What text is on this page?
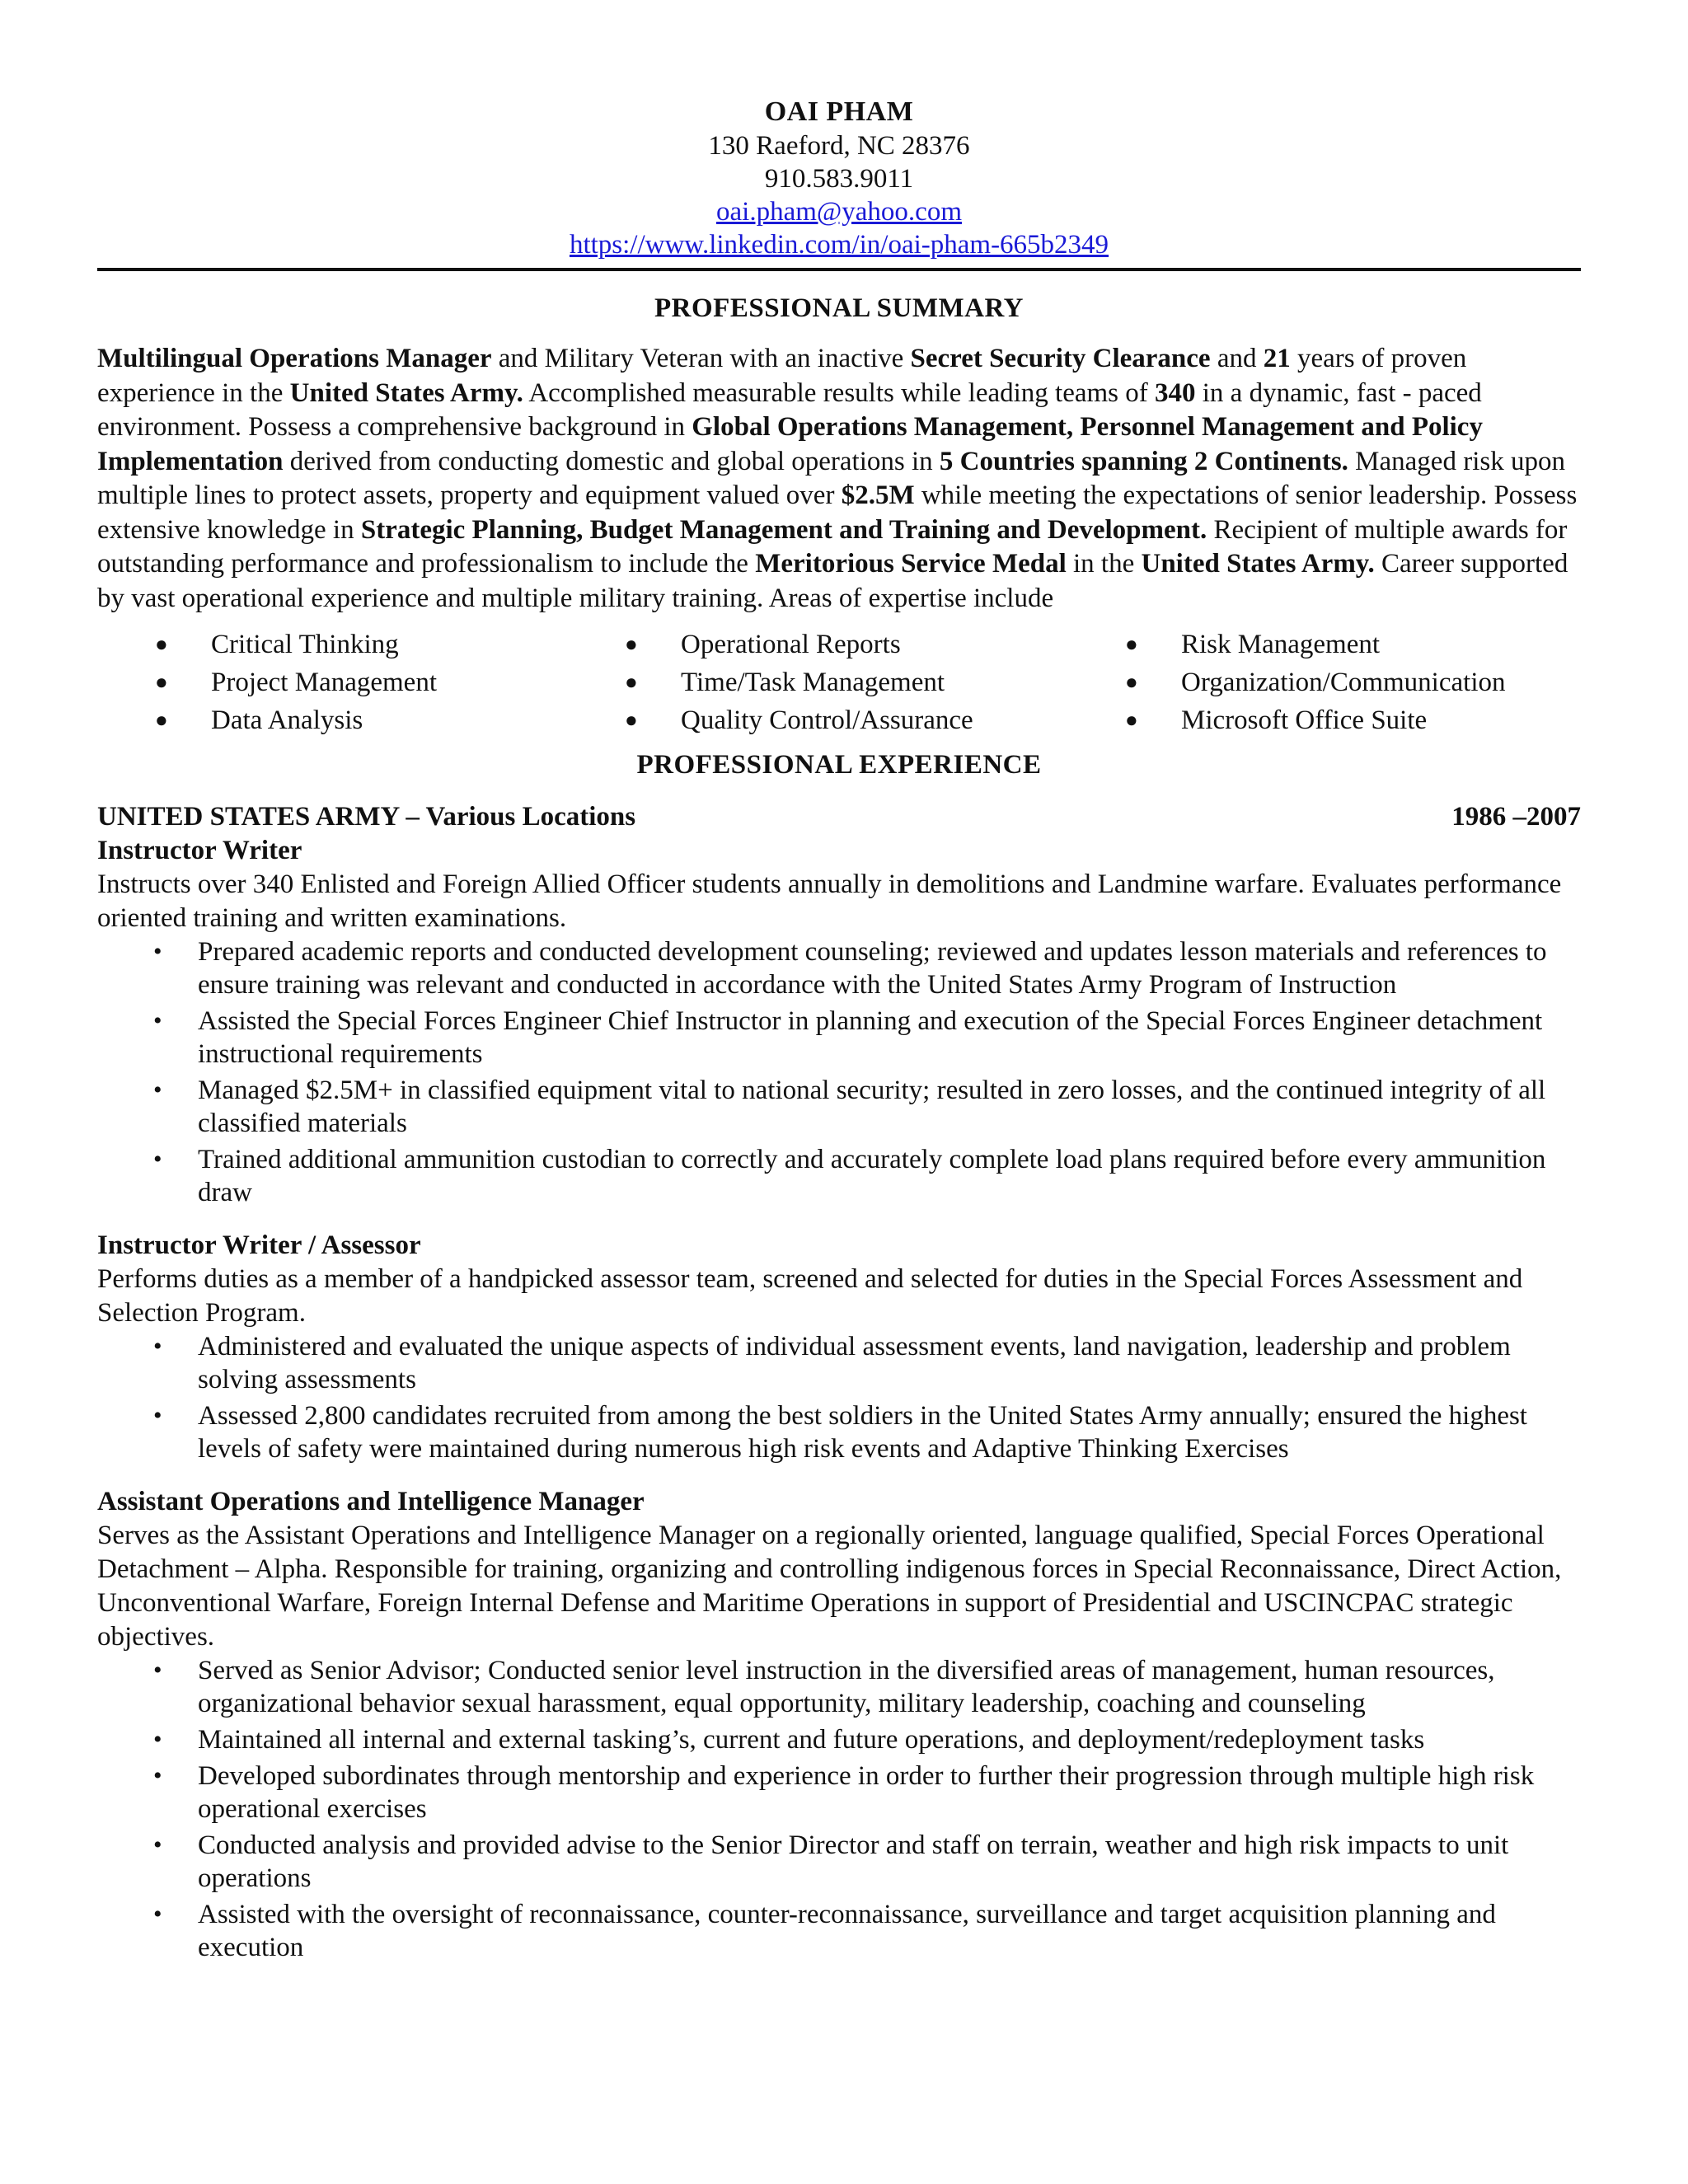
OAI PHAM
130 Raeford, NC 28376
910.583.9011
oai.pham@yahoo.com
https://www.linkedin.com/in/oai-pham-665b2349
PROFESSIONAL SUMMARY
Multilingual Operations Manager and Military Veteran with an inactive Secret Security Clearance and 21 years of proven experience in the United States Army. Accomplished measurable results while leading teams of 340 in a dynamic, fast - paced environment. Possess a comprehensive background in Global Operations Management, Personnel Management and Policy Implementation derived from conducting domestic and global operations in 5 Countries spanning 2 Continents. Managed risk upon multiple lines to protect assets, property and equipment valued over $2.5M while meeting the expectations of senior leadership. Possess extensive knowledge in Strategic Planning, Budget Management and Training and Development. Recipient of multiple awards for outstanding performance and professionalism to include the Meritorious Service Medal in the United States Army. Career supported by vast operational experience and multiple military training. Areas of expertise include
●	Critical Thinking	●	Operational Reports	●	Risk Management
●	Project Management	●	Time/Task Management	●	Organization/Communication
●	Data Analysis	●	Quality Control/Assurance	●	Microsoft Office Suite
PROFESSIONAL EXPERIENCE
UNITED STATES ARMY – Various Locations	1986 –2007
Instructor Writer
Instructs over 340 Enlisted and Foreign Allied Officer students annually in demolitions and Landmine warfare. Evaluates performance oriented training and written examinations.
• Prepared academic reports and conducted development counseling; reviewed and updates lesson materials and references to ensure training was relevant and conducted in accordance with the United States Army Program of Instruction
• Assisted the Special Forces Engineer Chief Instructor in planning and execution of the Special Forces Engineer detachment instructional requirements
• Managed $2.5M+ in classified equipment vital to national security; resulted in zero losses, and the continued integrity of all classified materials
• Trained additional ammunition custodian to correctly and accurately complete load plans required before every ammunition draw
Instructor Writer / Assessor
Performs duties as a member of a handpicked assessor team, screened and selected for duties in the Special Forces Assessment and Selection Program.
• Administered and evaluated the unique aspects of individual assessment events, land navigation, leadership and problem solving assessments
• Assessed 2,800 candidates recruited from among the best soldiers in the United States Army annually; ensured the highest levels of safety were maintained during numerous high risk events and Adaptive Thinking Exercises
Assistant Operations and Intelligence Manager
Serves as the Assistant Operations and Intelligence Manager on a regionally oriented, language qualified, Special Forces Operational Detachment – Alpha. Responsible for training, organizing and controlling indigenous forces in Special Reconnaissance, Direct Action, Unconventional Warfare, Foreign Internal Defense and Maritime Operations in support of Presidential and USCINCPAC strategic objectives.
• Served as Senior Advisor; Conducted senior level instruction in the diversified areas of management, human resources, organizational behavior sexual harassment, equal opportunity, military leadership, coaching and counseling
• Maintained all internal and external tasking’s, current and future operations, and deployment/redeployment tasks
• Developed subordinates through mentorship and experience in order to further their progression through multiple high risk operational exercises
• Conducted analysis and provided advise to the Senior Director and staff on terrain, weather and high risk impacts to unit operations
• Assisted with the oversight of reconnaissance, counter-reconnaissance, surveillance and target acquisition planning and execution
